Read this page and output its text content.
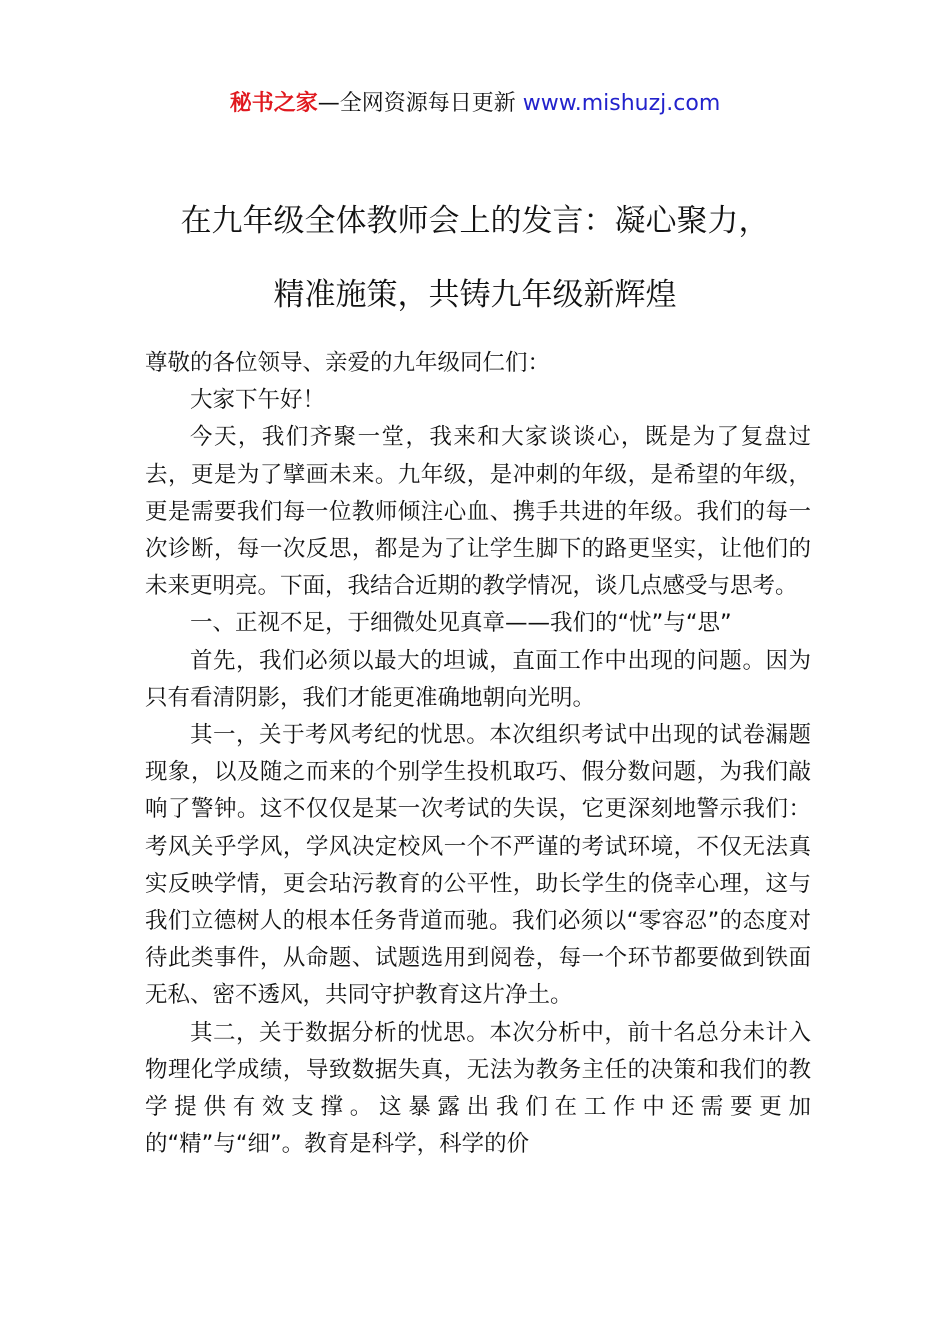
秘书之家—全网资源每日更新 www.mishuzj.com
在九年级全体教师会上的发言：凝心聚力，
精准施策，共铸九年级新辉煌

尊敬的各位领导、亲爱的九年级同仁们：

大家下午好！

今天，我们齐聚一堂，我来和大家谈谈心，既是为了复盘过去，更是为了擘画未来。九年级，是冲刺的年级，是希望的年级，更是需要我们每一位教师倾注心血、携手共进的年级。我们的每一次诊断，每一次反思，都是为了让学生脚下的路更坚实，让他们的未来更明亮。下面，我结合近期的教学情况，谈几点感受与思考。

一、正视不足，于细微处见真章——我们的“忧”与“思”

首先，我们必须以最大的坦诚，直面工作中出现的问题。因为只有看清阴影，我们才能更准确地朝向光明。

其一，关于考风考纪的忧思。本次组织考试中出现的试卷漏题现象，以及随之而来的个别学生投机取巧、假分数问题，为我们敲响了警钟。这不仅仅是某一次考试的失误，它更深刻地警示我们：考风关乎学风，学风决定校风一个不严谨的考试环境，不仅无法真实反映学情，更会玷污教育的公平性，助长学生的侥幸心理，这与我们立德树人的根本任务背道而驰。我们必须以“零容忍”的态度对待此类事件，从命题、试题选用到阅卷，每一个环节都要做到铁面无私、密不透风，共同守护教育这片净土。

其二，关于数据分析的忧思。本次分析中，前十名总分未计入物理化学成绩，导致数据失真，无法为教务主任的决策和我们的教学提供有效支撑。这暴露出我们在工作中还需要更加的“精”与“细”。教育是科学，科学的价
